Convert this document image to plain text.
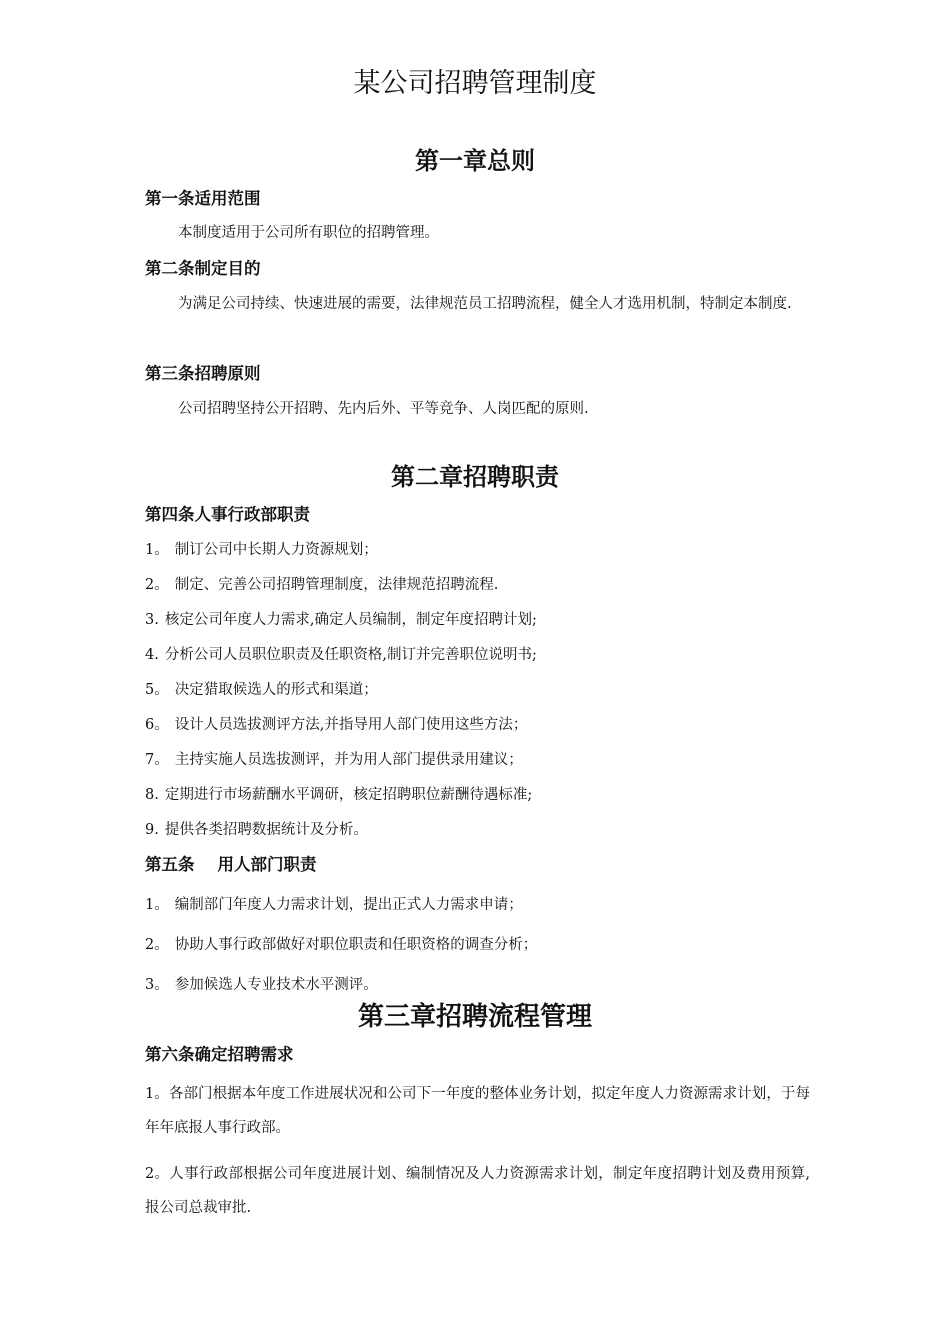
某公司招聘管理制度
第一章总则
第一条适用范围
本制度适用于公司所有职位的招聘管理。
第二条制定目的
为满足公司持续、快速进展的需要，法律规范员工招聘流程，健全人才选用机制，特制定本制度.
第三条招聘原则
公司招聘坚持公开招聘、先内后外、平等竞争、人岗匹配的原则.
第二章招聘职责
第四条人事行政部职责
1。 制订公司中长期人力资源规划；
2。 制定、完善公司招聘管理制度，法律规范招聘流程.
3. 核定公司年度人力需求,确定人员编制，制定年度招聘计划;
4. 分析公司人员职位职责及任职资格,制订并完善职位说明书;
5。 决定猎取候选人的形式和渠道；
6。 设计人员选拔测评方法,并指导用人部门使用这些方法；
7。 主持实施人员选拔测评，并为用人部门提供录用建议；
8. 定期进行市场薪酬水平调研，核定招聘职位薪酬待遇标准;
9. 提供各类招聘数据统计及分析。
第五条    用人部门职责
1。 编制部门年度人力需求计划，提出正式人力需求申请；
2。 协助人事行政部做好对职位职责和任职资格的调查分析；
3。 参加候选人专业技术水平测评。
第三章招聘流程管理
第六条确定招聘需求
1。各部门根据本年度工作进展状况和公司下一年度的整体业务计划，拟定年度人力资源需求计划，于每年年底报人事行政部。
2。人事行政部根据公司年度进展计划、编制情况及人力资源需求计划，制定年度招聘计划及费用预算,报公司总裁审批.
